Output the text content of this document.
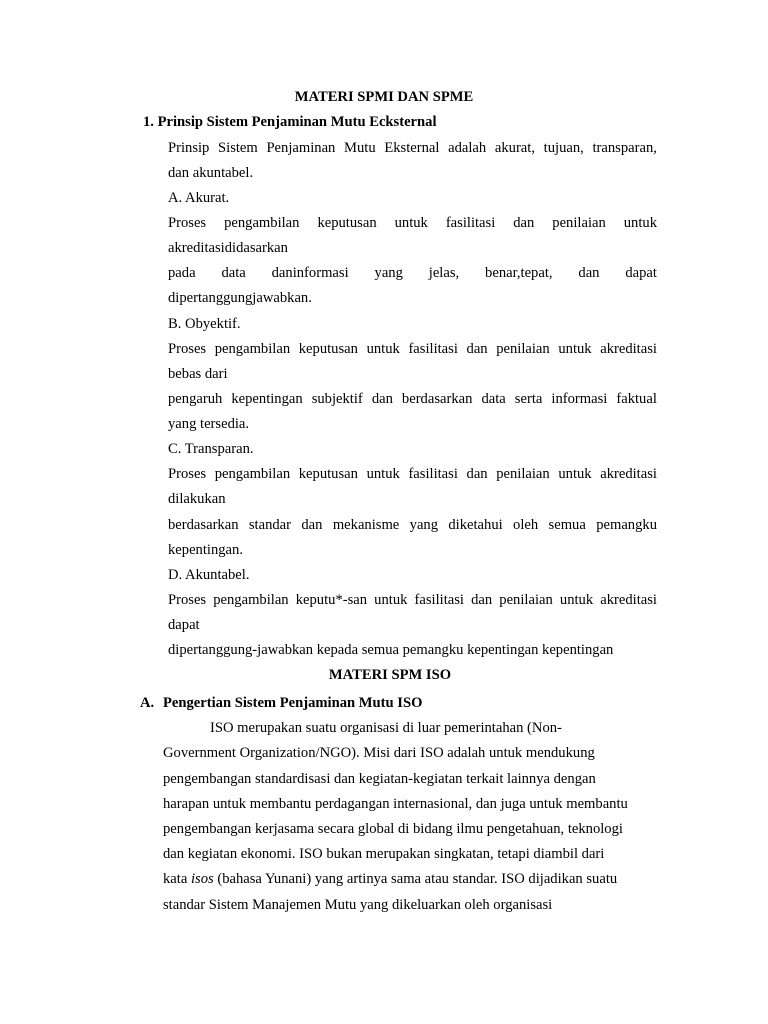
MATERI SPMI DAN SPME
1. Prinsip Sistem Penjaminan Mutu Ecksternal
Prinsip Sistem Penjaminan Mutu Eksternal adalah akurat, tujuan, transparan,
dan akuntabel.
A. Akurat.
Proses pengambilan keputusan untuk fasilitasi dan penilaian untuk
akreditasididasarkan
pada data daninformasi yang jelas, benar,tepat, dan dapat
dipertanggungjawabkan.
B. Obyektif.
Proses pengambilan keputusan untuk fasilitasi dan penilaian untuk akreditasi
bebas dari
pengaruh kepentingan subjektif dan berdasarkan data serta informasi faktual
yang tersedia.
C. Transparan.
Proses pengambilan keputusan untuk fasilitasi dan penilaian untuk akreditasi
dilakukan
berdasarkan standar dan mekanisme yang diketahui oleh semua pemangku
kepentingan.
D. Akuntabel.
Proses pengambilan keputu*-san untuk fasilitasi dan penilaian untuk akreditasi
dapat
dipertanggung-jawabkan kepada semua pemangku kepentingan kepentingan
MATERI SPM ISO
A. Pengertian Sistem Penjaminan Mutu ISO
ISO merupakan suatu organisasi di luar pemerintahan (Non-
Government Organization/NGO). Misi dari ISO adalah untuk mendukung
pengembangan standardisasi dan kegiatan-kegiatan terkait lainnya dengan
harapan untuk membantu perdagangan internasional, dan juga untuk membantu
pengembangan kerjasama secara global di bidang ilmu pengetahuan, teknologi
dan kegiatan ekonomi. ISO bukan merupakan singkatan, tetapi diambil dari
kata isos (bahasa Yunani) yang artinya sama atau standar. ISO dijadikan suatu
standar Sistem Manajemen Mutu yang dikeluarkan oleh organisasi
